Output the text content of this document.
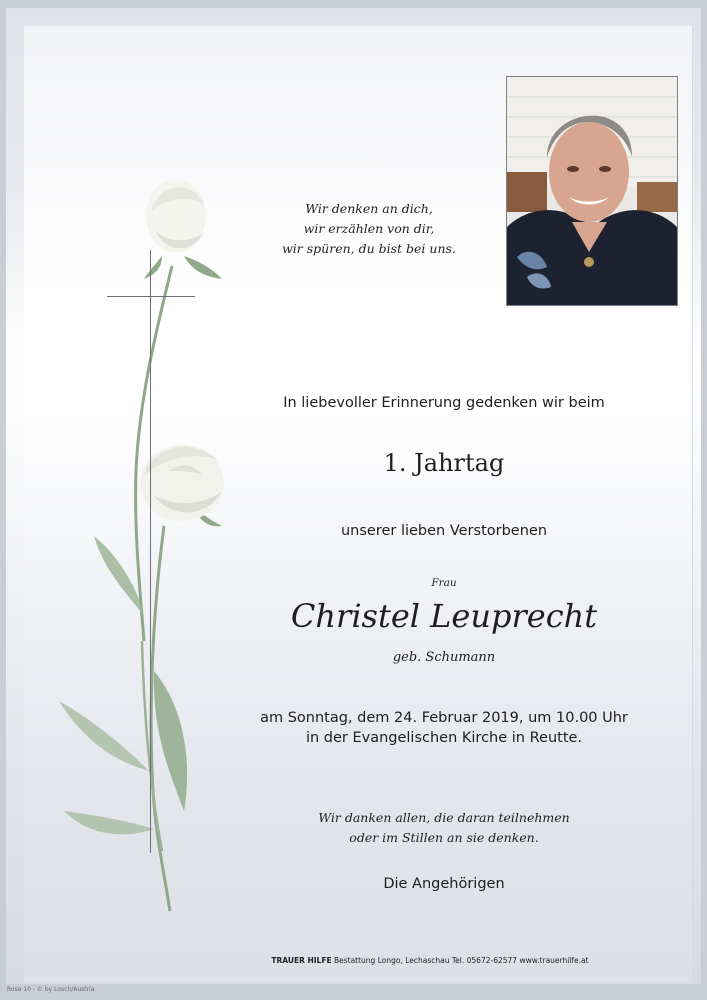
Wir denken an dich,
wir erzählen von dir,
wir spüren, du bist bei uns.
In liebevoller Erinnerung gedenken wir beim
1. Jahrtag
unserer lieben Verstorbenen
Frau
Christel Leuprecht
geb. Schumann
am Sonntag, dem 24. Februar 2019, um 10.00 Uhr
in der Evangelischen Kirche in Reutte.
Wir danken allen, die daran teilnehmen
oder im Stillen an sie denken.
Die Angehörigen
TRAUER HILFE Bestattung Longo, Lechaschau Tel. 05672-62577 www.trauerhilfe.at
Rose 10 - © by Losch/Austria
